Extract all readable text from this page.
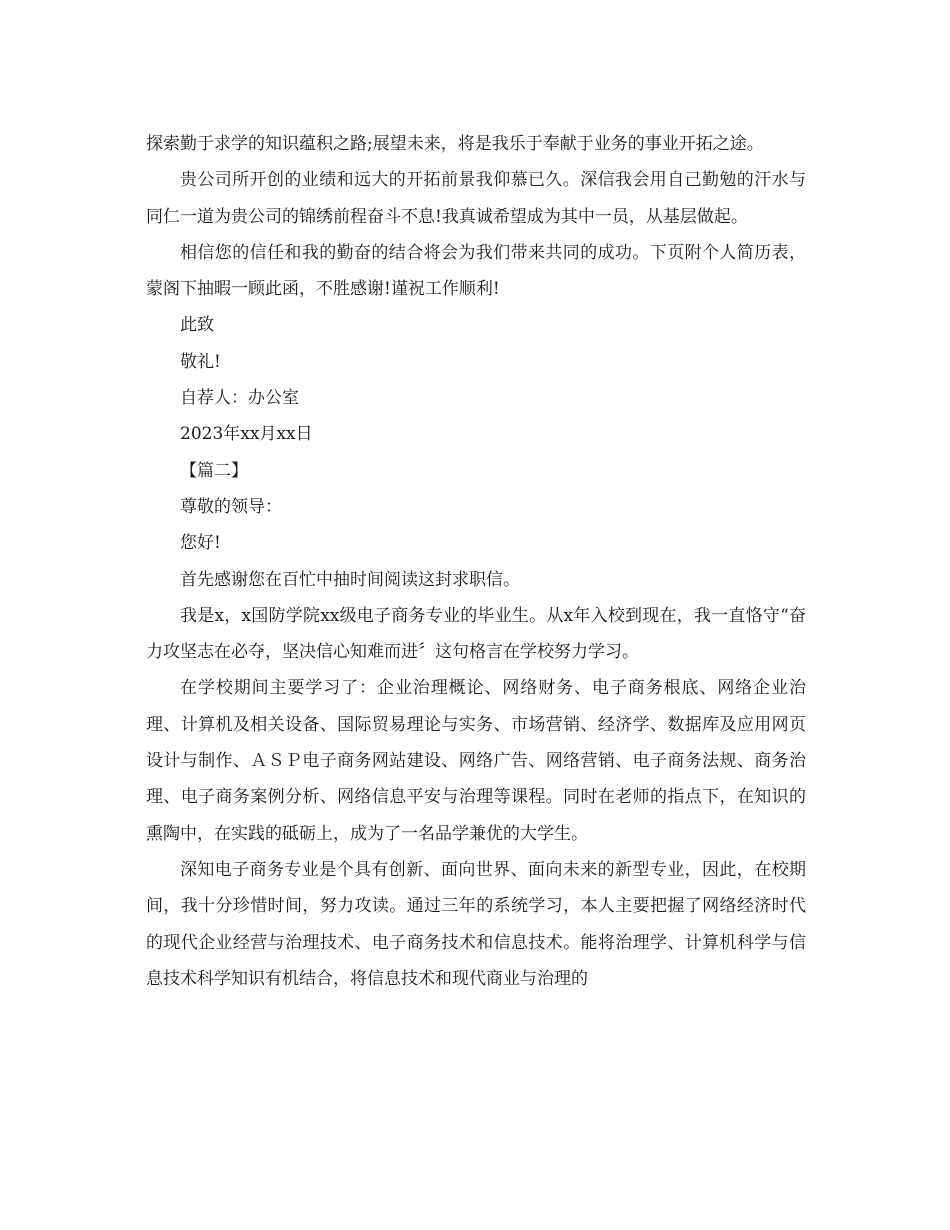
探索勤于求学的知识蕴积之路;展望未来，将是我乐于奉献于业务的事业开拓之途。

贵公司所开创的业绩和远大的开拓前景我仰慕已久。深信我会用自己勤勉的汗水与同仁一道为贵公司的锦绣前程奋斗不息!我真诚希望成为其中一员，从基层做起。

相信您的信任和我的勤奋的结合将会为我们带来共同的成功。下页附个人简历表，蒙阁下抽暇一顾此函，不胜感谢!谨祝工作顺利!

此致

敬礼!

自荐人：办公室

2023年xx月xx日

【篇二】

尊敬的领导：

您好!

首先感谢您在百忙中抽时间阅读这封求职信。

我是x，x国防学院xx级电子商务专业的毕业生。从x年入校到现在，我一直恪守“奋力攻坚志在必夺，坚决信心知难而进〞这句格言在学校努力学习。

在学校期间主要学习了：企业治理概论、网络财务、电子商务根底、网络企业治理、计算机及相关设备、国际贸易理论与实务、市场营销、经济学、数据库及应用网页设计与制作、ＡＳＰ电子商务网站建设、网络广告、网络营销、电子商务法规、商务治理、电子商务案例分析、网络信息平安与治理等课程。同时在老师的指点下，在知识的熏陶中，在实践的砥砺上，成为了一名品学兼优的大学生。

深知电子商务专业是个具有创新、面向世界、面向未来的新型专业，因此，在校期间，我十分珍惜时间，努力攻读。通过三年的系统学习，本人主要把握了网络经济时代的现代企业经营与治理技术、电子商务技术和信息技术。能将治理学、计算机科学与信息技术科学知识有机结合，将信息技术和现代商业与治理的
